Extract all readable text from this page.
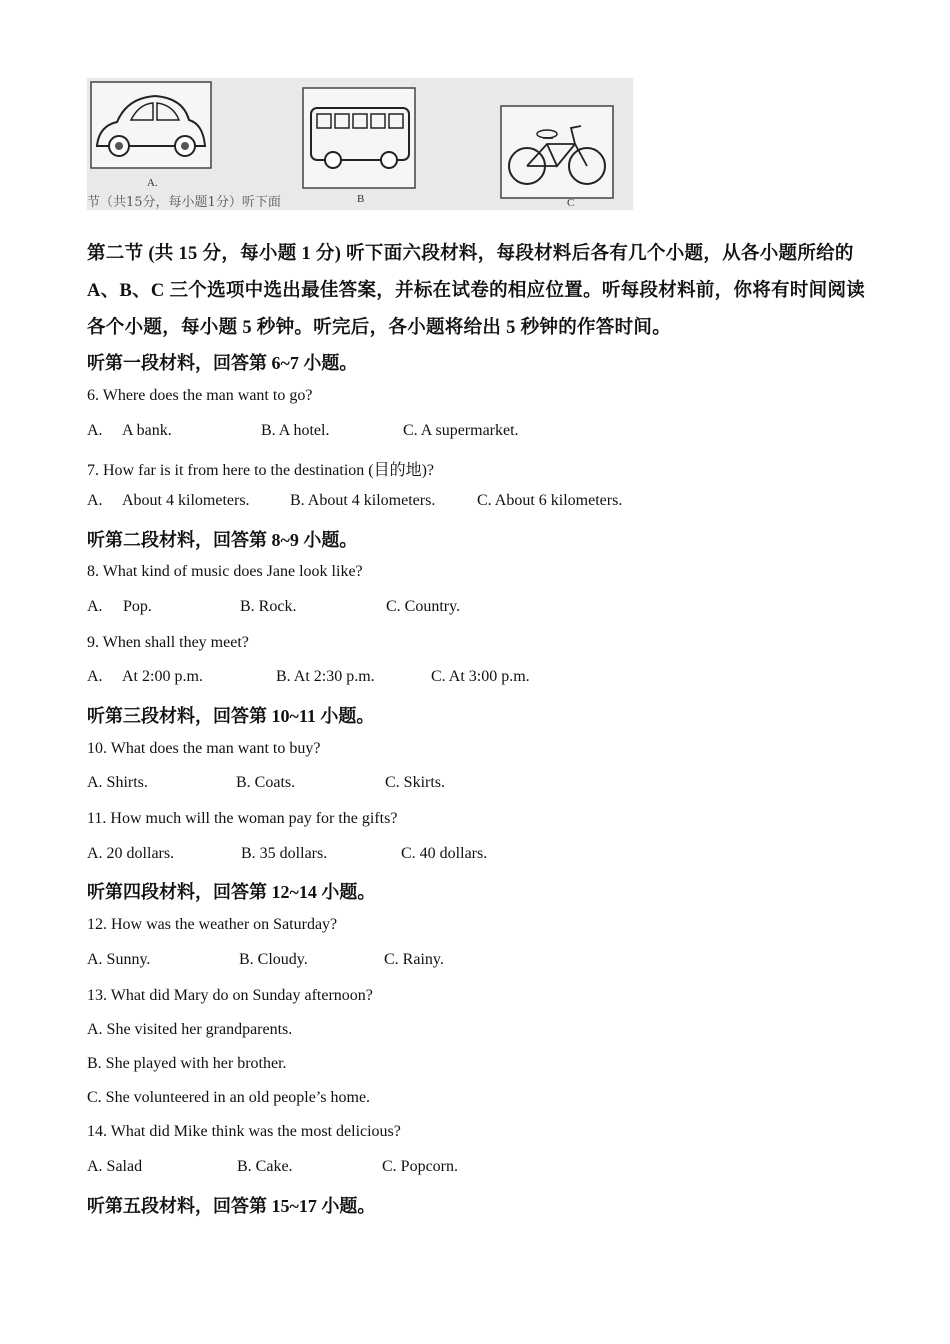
A.
B	C
节（共15分，每小题1分）听下面

第二节 (共 15 分，每小题 1 分) 听下面六段材料，每段材料后各有几个小题，从各小题所给的 A、B、C 三个选项中选出最佳答案，并标在试卷的相应位置。听每段材料前，你将有时间阅读各个小题，每小题 5 秒钟。听完后，各小题将给出 5 秒钟的作答时间。

听第一段材料，回答第 6~7 小题。
6. Where does the man want to go?
A. A bank.	B. A hotel.	C. A supermarket.
7. How far is it from here to the destination (目的地)?
A. About 4 kilometers.	B. About 4 kilometers.	C. About 6 kilometers.
听第二段材料，回答第 8~9 小题。
8. What kind of music does Jane look like?
A. Pop.	B. Rock.	C. Country.
9. When shall they meet?
A. At 2:00 p.m.	B. At 2:30 p.m.	C. At 3:00 p.m.
听第三段材料，回答第 10~11 小题。
10. What does the man want to buy?
A. Shirts.	B. Coats.	C. Skirts.
11. How much will the woman pay for the gifts?
A. 20 dollars.	B. 35 dollars.	C. 40 dollars.
听第四段材料，回答第 12~14 小题。
12. How was the weather on Saturday?
A. Sunny.	B. Cloudy.	C. Rainy.
13. What did Mary do on Sunday afternoon?
A. She visited her grandparents.
B. She played with her brother.
C. She volunteered in an old people’s home.
14. What did Mike think was the most delicious?
A. Salad	B. Cake.	C. Popcorn.
听第五段材料，回答第 15~17 小题。
